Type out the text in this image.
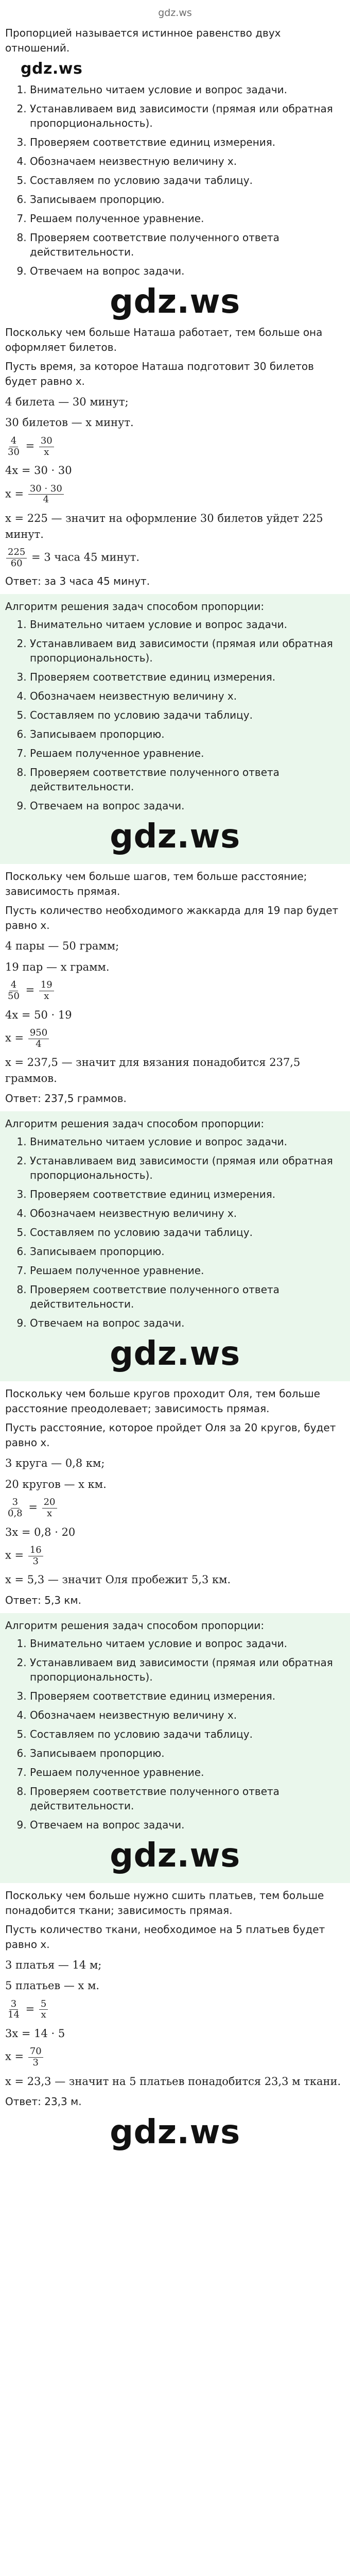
gdz.ws

Пропорцией называется истинное равенство двух отношений.

gdz.ws
1. Внимательно читаем условие и вопрос задачи.
2. Устанавливаем вид зависимости (прямая или обратная пропорциональность).
3. Проверяем соответствие единиц измерения.
4. Обозначаем неизвестную величину x.
5. Составляем по условию задачи таблицу.
6. Записываем пропорцию.
7. Решаем полученное уравнение.
8. Проверяем соответствие полученного ответа действительности.
9. Отвечаем на вопрос задачи.
gdz.ws

Поскольку чем больше Наташа работает, тем больше она оформляет билетов.

Пусть время, за которое Наташа подготовит 30 билетов будет равно x.

4 билета — 30 минут;

30 билетов — x минут.

$\frac{4}{30} = \frac{30}{x}$

4x = 30 · 30

$x = \frac{30 \cdot 30}{4}$

x = 225 — значит на оформление 30 билетов уйдет 225 минут.

$\frac{225}{60} = 3$ часа 45 минут.

Ответ: за 3 часа 45 минут.

Алгоритм решения задач способом пропорции:
1. Внимательно читаем условие и вопрос задачи.
2. Устанавливаем вид зависимости (прямая или обратная пропорциональность).
3. Проверяем соответствие единиц измерения.
4. Обозначаем неизвестную величину x.
5. Составляем по условию задачи таблицу.
6. Записываем пропорцию.
7. Решаем полученное уравнение.
8. Проверяем соответствие полученного ответа действительности.
9. Отвечаем на вопрос задачи.
gdz.ws

Поскольку чем больше шагов, тем больше расстояние; зависимость прямая.

Пусть количество необходимого жаккарда для 19 пар будет равно x.

4 пары — 50 грамм;

19 пар — x грамм.

$\frac{4}{50} = \frac{19}{x}$

4x = 50 · 19

$x = \frac{950}{4}$

x = 237,5 — значит для вязания понадобится 237,5 граммов.

Ответ: 237,5 граммов.

Алгоритм решения задач способом пропорции:
1. Внимательно читаем условие и вопрос задачи.
2. Устанавливаем вид зависимости (прямая или обратная пропорциональность).
3. Проверяем соответствие единиц измерения.
4. Обозначаем неизвестную величину x.
5. Составляем по условию задачи таблицу.
6. Записываем пропорцию.
7. Решаем полученное уравнение.
8. Проверяем соответствие полученного ответа действительности.
9. Отвечаем на вопрос задачи.
gdz.ws

Поскольку чем больше кругов проходит Оля, тем больше расстояние преодолевает; зависимость прямая.

Пусть расстояние, которое пройдет Оля за 20 кругов, будет равно x.

3 круга — 0,8 км;

20 кругов — x км.

$\frac{3}{0,8} = \frac{20}{x}$

3x = 0,8 · 20

$x = \frac{16}{3}$

x = 5,3 — значит Оля пробежит 5,3 км.

Ответ: 5,3 км.

Алгоритм решения задач способом пропорции:
1. Внимательно читаем условие и вопрос задачи.
2. Устанавливаем вид зависимости (прямая или обратная пропорциональность).
3. Проверяем соответствие единиц измерения.
4. Обозначаем неизвестную величину x.
5. Составляем по условию задачи таблицу.
6. Записываем пропорцию.
7. Решаем полученное уравнение.
8. Проверяем соответствие полученного ответа действительности.
9. Отвечаем на вопрос задачи.
gdz.ws

Поскольку чем больше нужно сшить платьев, тем больше понадобится ткани; зависимость прямая.

Пусть количество ткани, необходимое на 5 платьев будет равно x.

3 платья — 14 м;

5 платьев — x м.

$\frac{3}{14} = \frac{5}{x}$

3x = 14 · 5

$x = \frac{70}{3}$

x = 23,3 — значит на 5 платьев понадобится 23,3 м ткани.

Ответ: 23,3 м.

gdz.ws
